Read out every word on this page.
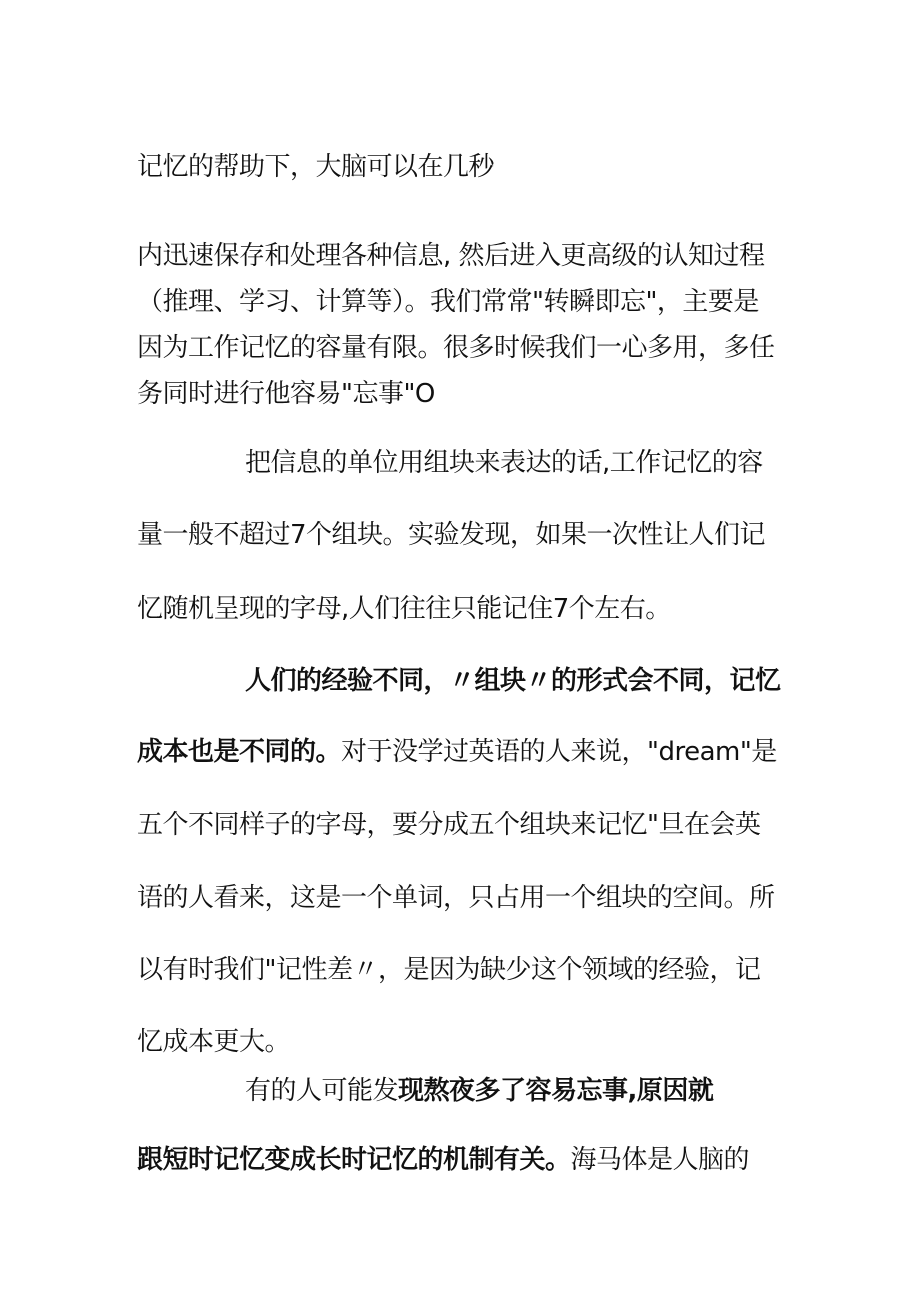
记忆的帮助下，大脑可以在几秒
内迅速保存和处理各种信息, 然后进入更高级的认知过程
（推理、学习、计算等）。我们常常"转瞬即忘"，主要是
因为工作记忆的容量有限。很多时候我们一心多用，多任
务同时进行他容易"忘事"O
把信息的单位用组块来表达的话,工作记忆的容
量一般不超过7个组块。实验发现，如果一次性让人们记
忆随机呈现的字母,人们往往只能记住7个左右。
人们的经验不同，〃组块〃的形式会不同，记忆
成本也是不同的。对于没学过英语的人来说，"dream"是
五个不同样子的字母，要分成五个组块来记忆"旦在会英
语的人看来，这是一个单词，只占用一个组块的空间。所
以有时我们"记性差〃，是因为缺少这个领域的经验，记
忆成本更大。
有的人可能发现熬夜多了容易忘事,原因就
跟短时记忆变成长时记忆的机制有关。海马体是人脑的
